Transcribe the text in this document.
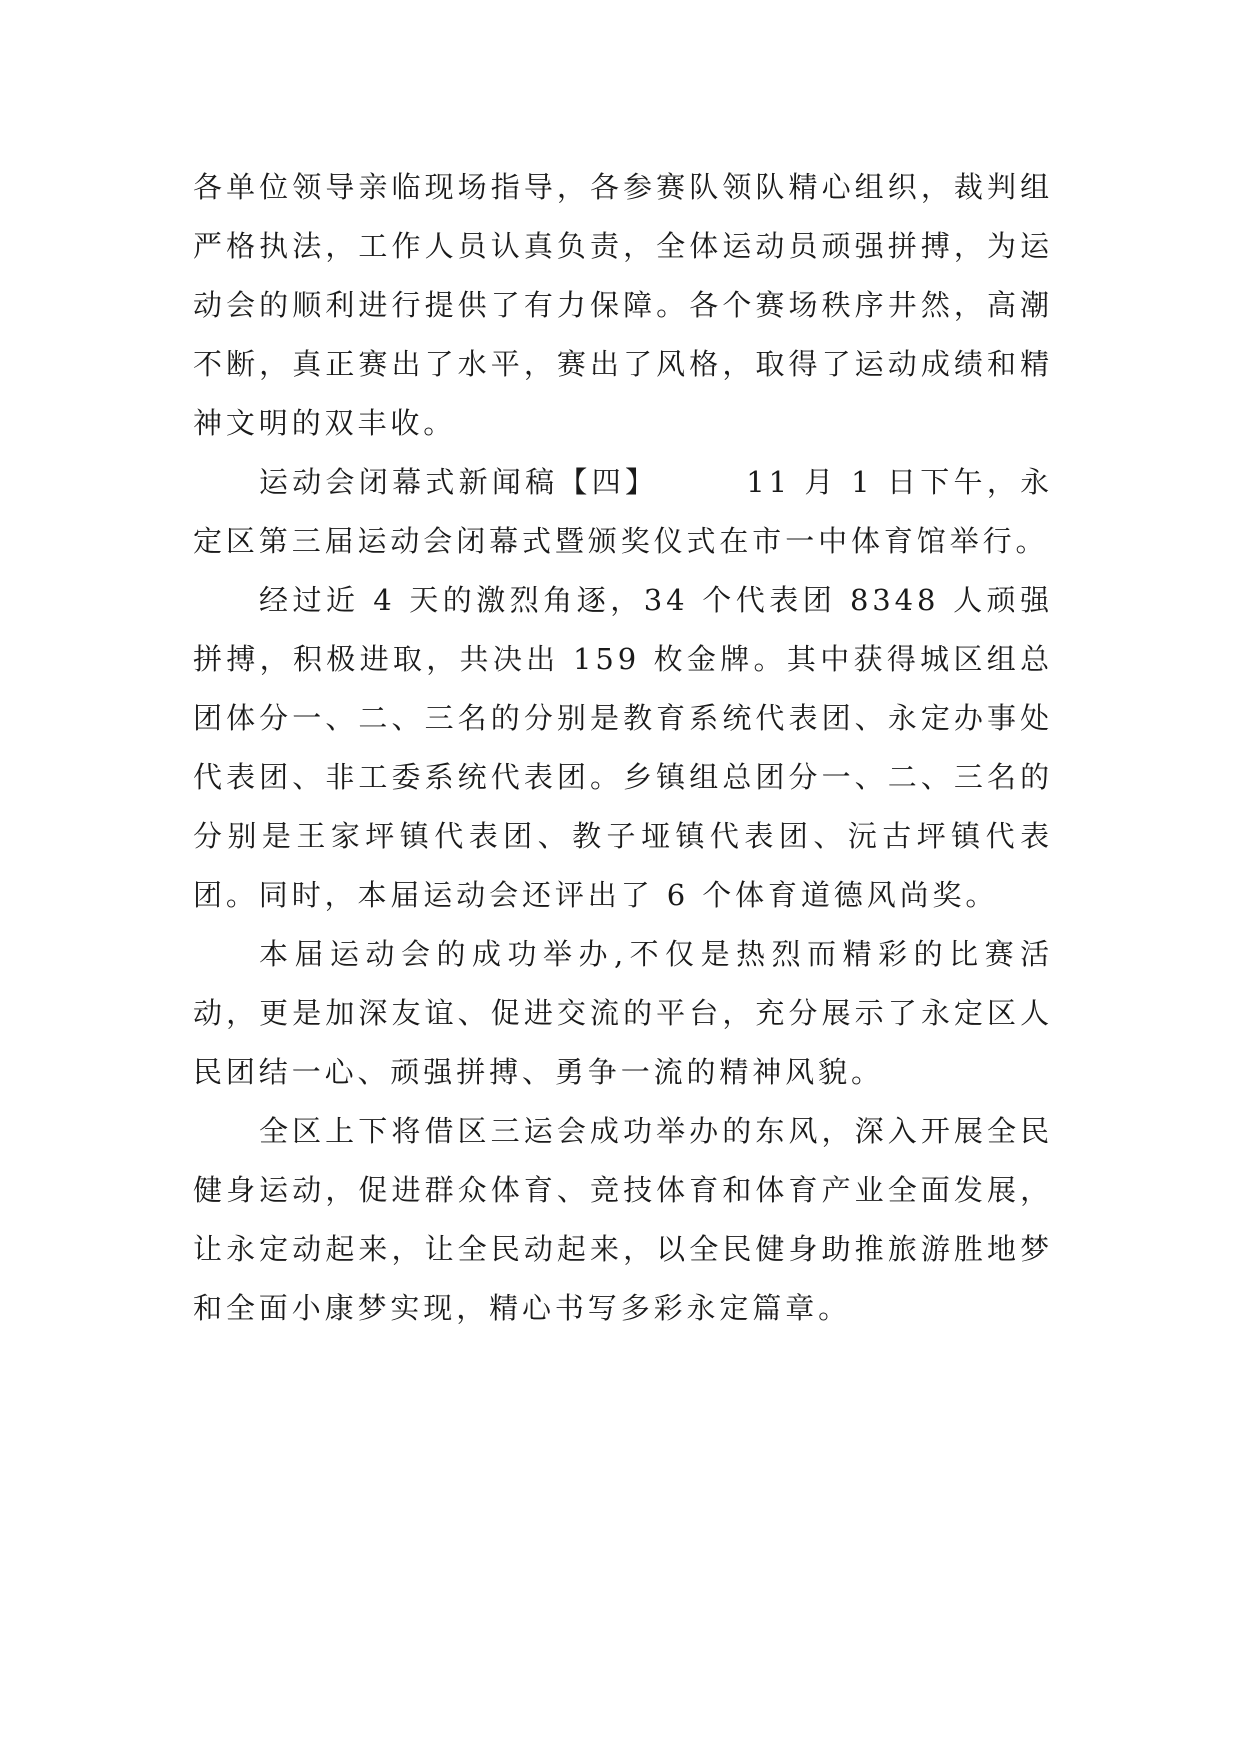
各单位领导亲临现场指导，各参赛队领队精心组织，裁判组严格执法，工作人员认真负责，全体运动员顽强拼搏，为运动会的顺利进行提供了有力保障。各个赛场秩序井然，高潮不断，真正赛出了水平，赛出了风格，取得了运动成绩和精神文明的双丰收。

运动会闭幕式新闻稿【四】	11 月 1 日下午，永定区第三届运动会闭幕式暨颁奖仪式在市一中体育馆举行。

经过近 4 天的激烈角逐，34 个代表团 8348 人顽强拼搏，积极进取，共决出 159 枚金牌。其中获得城区组总团体分一、二、三名的分别是教育系统代表团、永定办事处代表团、非工委系统代表团。乡镇组总团分一、二、三名的分别是王家坪镇代表团、教子垭镇代表团、沅古坪镇代表团。同时，本届运动会还评出了 6 个体育道德风尚奖。

本届运动会的成功举办,不仅是热烈而精彩的比赛活动，更是加深友谊、促进交流的平台，充分展示了永定区人民团结一心、顽强拼搏、勇争一流的精神风貌。

全区上下将借区三运会成功举办的东风，深入开展全民健身运动，促进群众体育、竞技体育和体育产业全面发展，让永定动起来，让全民动起来，以全民健身助推旅游胜地梦和全面小康梦实现，精心书写多彩永定篇章。
